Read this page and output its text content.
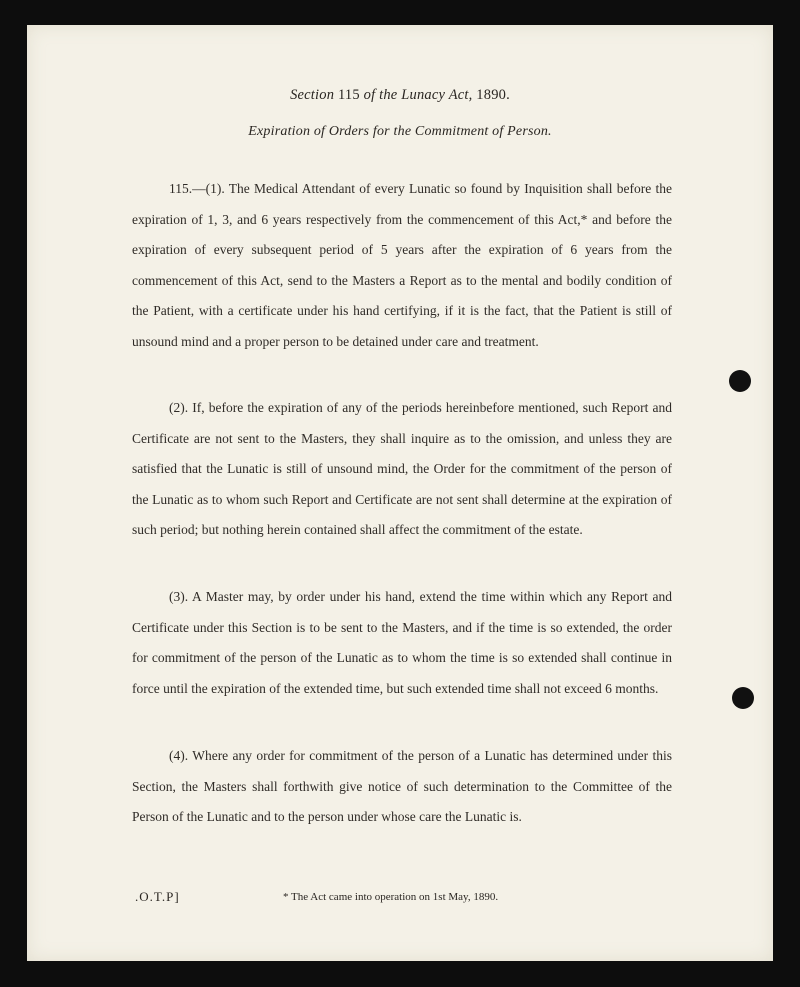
Section 115 of the Lunacy Act, 1890.
Expiration of Orders for the Commitment of Person.

115.—(1). The Medical Attendant of every Lunatic so found by Inquisition shall before the expiration of 1, 3, and 6 years respectively from the commencement of this Act,* and before the expiration of every subsequent period of 5 years after the expiration of 6 years from the commencement of this Act, send to the Masters a Report as to the mental and bodily condition of the Patient, with a certificate under his hand certifying, if it is the fact, that the Patient is still of unsound mind and a proper person to be detained under care and treatment.

(2). If, before the expiration of any of the periods hereinbefore mentioned, such Report and Certificate are not sent to the Masters, they shall inquire as to the omission, and unless they are satisfied that the Lunatic is still of unsound mind, the Order for the commitment of the person of the Lunatic as to whom such Report and Certificate are not sent shall determine at the expiration of such period; but nothing herein contained shall affect the commitment of the estate.

(3). A Master may, by order under his hand, extend the time within which any Report and Certificate under this Section is to be sent to the Masters, and if the time is so extended, the order for commitment of the person of the Lunatic as to whom the time is so extended shall continue in force until the expiration of the extended time, but such extended time shall not exceed 6 months.

(4). Where any order for commitment of the person of a Lunatic has determined under this Section, the Masters shall forthwith give notice of such determination to the Committee of the Person of the Lunatic and to the person under whose care the Lunatic is.

.O.T.P]	* The Act came into operation on 1st May, 1890.
